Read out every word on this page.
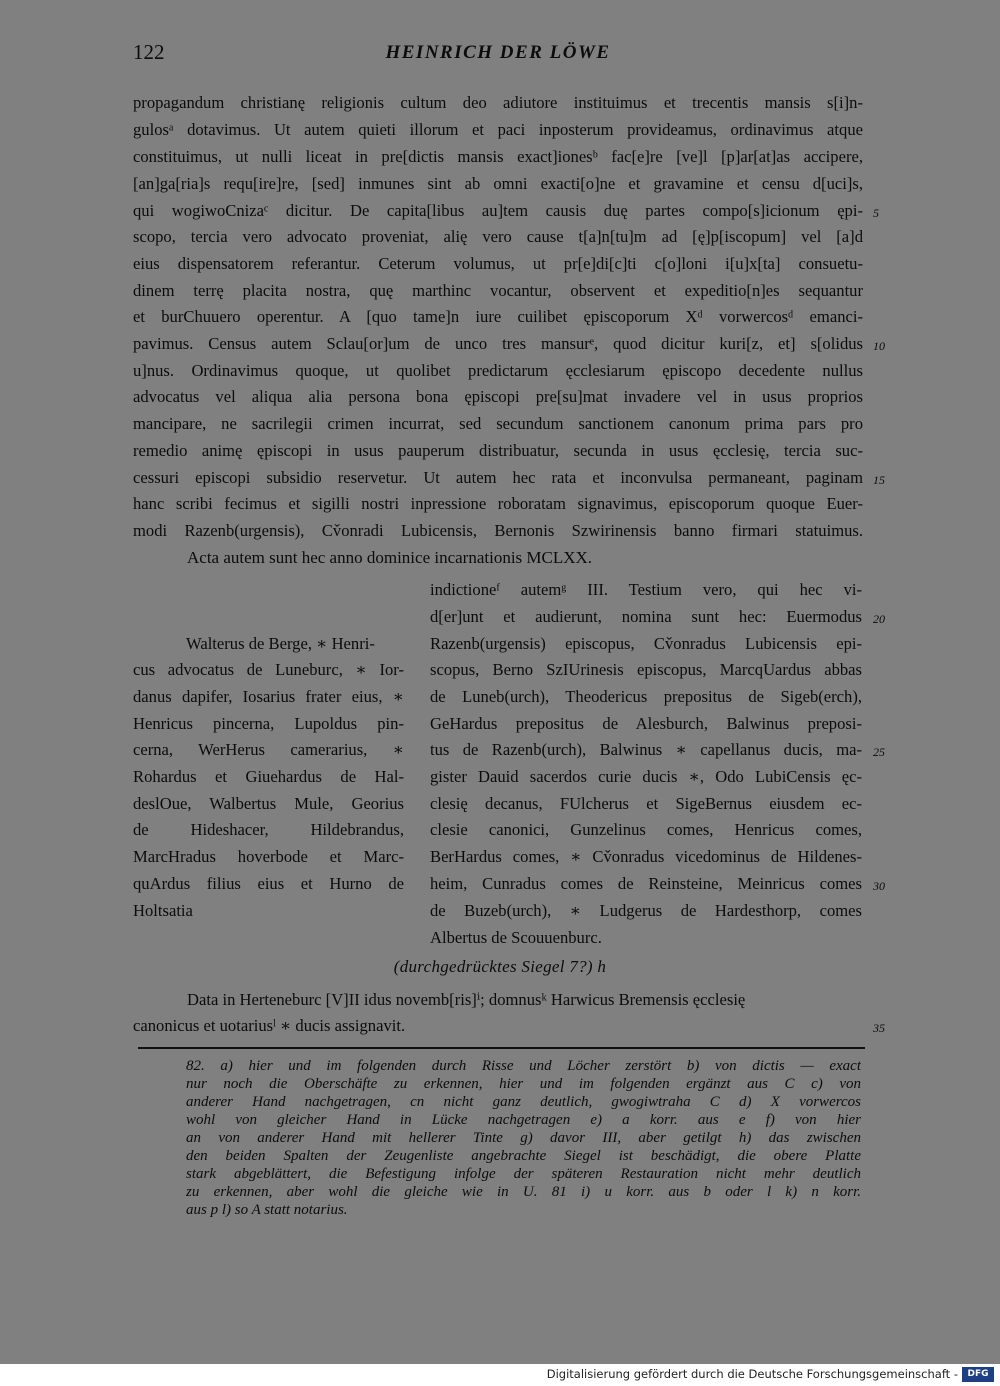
122	HEINRICH DER LÖWE
propagandum christianę religionis cultum deo adiutore instituimus et trecentis mansis s[i]n-
gulosᵃ dotavimus. Ut autem quieti illorum et paci inposterum provideamus, ordinavimus atque
constituimus, ut nulli liceat in pre[dictis mansis exact]ionesᵇ fac[e]re [ve]l [p]ar[at]as accipere,
[an]ga[ria]s requ[ire]re, [sed] inmunes sint ab omni exacti[o]ne et gravamine et censu d[uci]s,
qui wogiwoCnizaᶜ dicitur. De capita[libus au]tem causis duę partes compo[s]icionum ępi-
scopo, tercia vero advocato proveniat, alię vero cause t[a]n[tu]m ad [ę]p[iscopum] vel [a]d
eius dispensatorem referantur. Ceterum volumus, ut pr[e]di[c]ti c[o]loni i[u]x[ta] consuetu-
dinem terrę placita nostra, quę marthinc vocantur, observent et expeditio[n]es sequantur
et burChuuero operentur. A [quo tame]n iure cuilibet ępiscoporum Xᵈ vorwercosᵈ emanci-
pavimus. Census autem Sclau[or]um de unco tres mansurᵉ, quod dicitur kuri[z, et] s[olidus
u]nus. Ordinavimus quoque, ut quolibet predictarum ęcclesiarum ępiscopo decedente nullus
advocatus vel aliqua alia persona bona ępiscopi pre[su]mat invadere vel in usus proprios
mancipare, ne sacrilegii crimen incurrat, sed secundum sanctionem canonum prima pars pro
remedio animę ępiscopi in usus pauperum distribuatur, secunda in usus ęcclesię, tercia suc-
cessuri episcopi subsidio reservetur. Ut autem hec rata et inconvulsa permaneant, paginam
hanc scribi fecimus et sigilli nostri inpressione roboratam signavimus, episcoporum quoque Euer-
modi Razenb(urgensis), Cv̌onradi Lubicensis, Bernonis Szwirinensis banno firmari statuimus.
Acta autem sunt hec anno dominice incarnationis MCLXX.
indictioneᶠ autemᵍ III. Testium vero, qui hec vi-
d[er]unt et audierunt, nomina sunt hec: Euermodus
Razenb(urgensis) episcopus, Cv̌onradus Lubicensis epi-
scopus, Berno SzIUrinesis episcopus, MarcqUardus abbas
de Luneb(urch), Theodericus prepositus de Sigeb(erch),
GeHardus prepositus de Alesburch, Balwinus preposi-
tus de Razenb(urch), Balwinus ∗ capellanus ducis, ma-
gister Dauid sacerdos curie ducis ∗, Odo LubiCensis ęc-
clesię decanus, FUlcherus et SigeBernus eiusdem ec-
clesie canonici, Gunzelinus comes, Henricus comes,
BerHardus comes, ∗ Cv̌onradus vicedominus de Hildenes-
heim, Cunradus comes de Reinsteine, Meinricus comes
de Buzeb(urch), ∗ Ludgerus de Hardesthorp, comes
Albertus de Scouuenburc.
Walterus de Berge, ∗ Henri-
cus advocatus de Luneburc, ∗ Ior-
danus dapifer, Iosarius frater eius, ∗
Henricus pincerna, Lupoldus pin-
cerna, WerHerus camerarius, ∗
Rohardus et Giuehardus de Hal-
deslOue, Walbertus Mule, Georius
de Hideshacer, Hildebrandus,
MarcHradus hoverbode et Marc-
quArdus filius eius et Hurno de
Holtsatia
(durchgedrücktes Siegel 7?) h
Data in Herteneburc [V]II idus novemb[ris]ⁱ; domnusᵏ Harwicus Bremensis ęcclesię
canonicus et uotariusˡ ∗ ducis assignavit.
5
10
15
20
25
30
35
82. a) hier und im folgenden durch Risse und Löcher zerstört b) von dictis — exact
nur noch die Oberschäfte zu erkennen, hier und im folgenden ergänzt aus C c) von
anderer Hand nachgetragen, cn nicht ganz deutlich, gwogiwtraha C d) X vorwercos
wohl von gleicher Hand in Lücke nachgetragen e) a korr. aus e f) von hier
an von anderer Hand mit hellerer Tinte g) davor III, aber getilgt h) das zwischen
den beiden Spalten der Zeugenliste angebrachte Siegel ist beschädigt, die obere Platte
stark abgeblättert, die Befestigung infolge der späteren Restauration nicht mehr deutlich
zu erkennen, aber wohl die gleiche wie in U. 81 i) u korr. aus b oder l k) n korr.
aus p l) so A statt notarius.
Digitalisierung gefördert durch die Deutsche Forschungsgemeinschaft -	DFG
